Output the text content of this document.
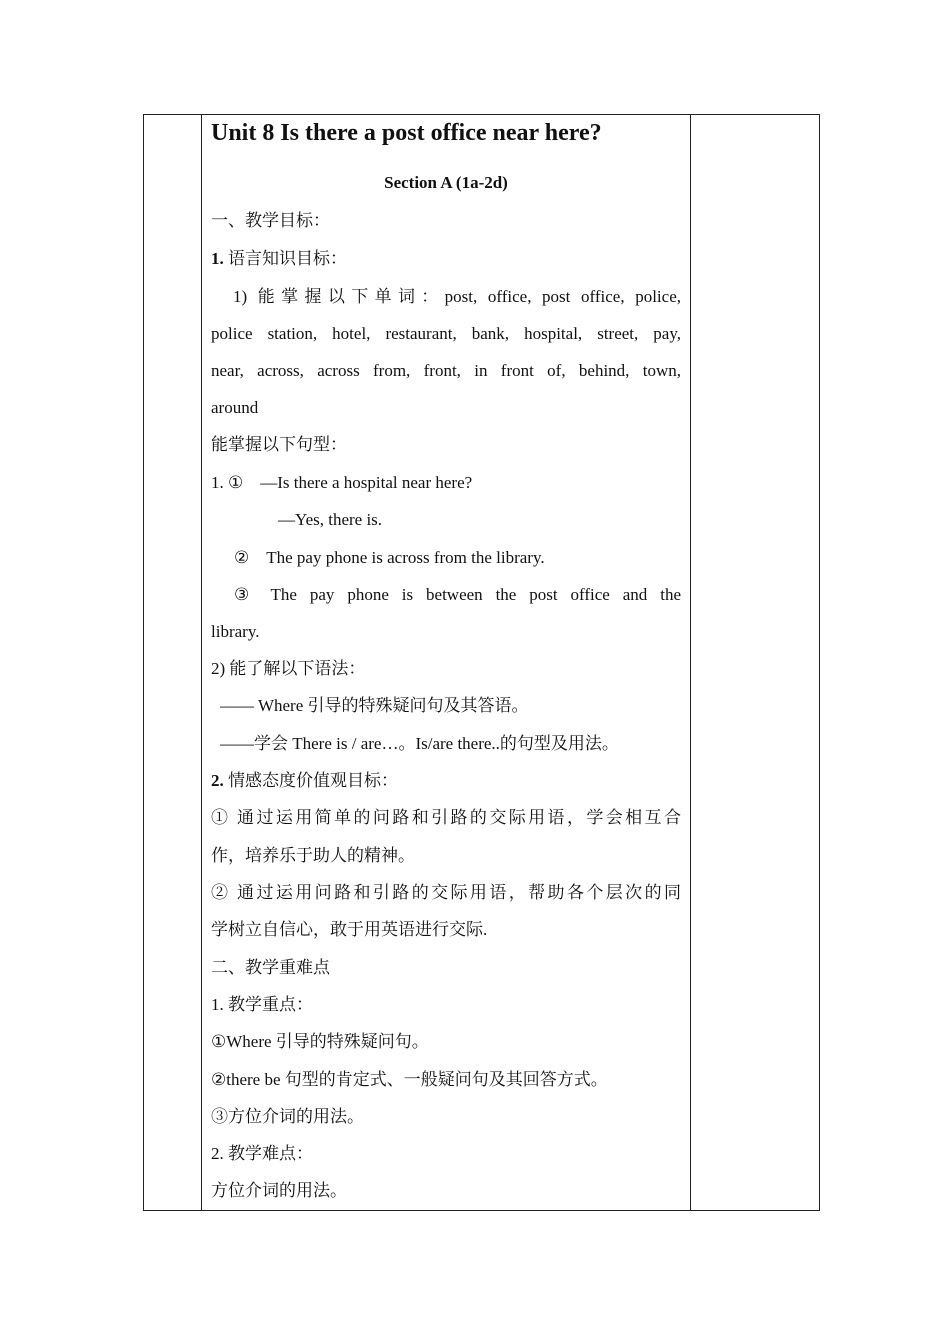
Unit 8 Is there a post office near here?
Section A (1a-2d)
一、教学目标：
1. 语言知识目标：
1) 能掌握以下单词：post, office, post office, police,
police station, hotel, restaurant, bank, hospital, street, pay,
near, across, across from, front, in front of, behind, town,
around
能掌握以下句型：
1. ①　—Is there a hospital near here?
—Yes, there is.
②　The pay phone is across from the library.
③ The pay phone is between the post office and the
library.
2) 能了解以下语法：
—— Where 引导的特殊疑问句及其答语。
——学会 There is / are…。Is/are there..的句型及用法。
2. 情感态度价值观目标：
① 通过运用简单的问路和引路的交际用语，学会相互合
作，培养乐于助人的精神。
② 通过运用问路和引路的交际用语，帮助各个层次的同
学树立自信心，敢于用英语进行交际.
二、教学重难点
1. 教学重点：
①Where 引导的特殊疑问句。
②there be 句型的肯定式、一般疑问句及其回答方式。
③方位介词的用法。
2. 教学难点：
方位介词的用法。
